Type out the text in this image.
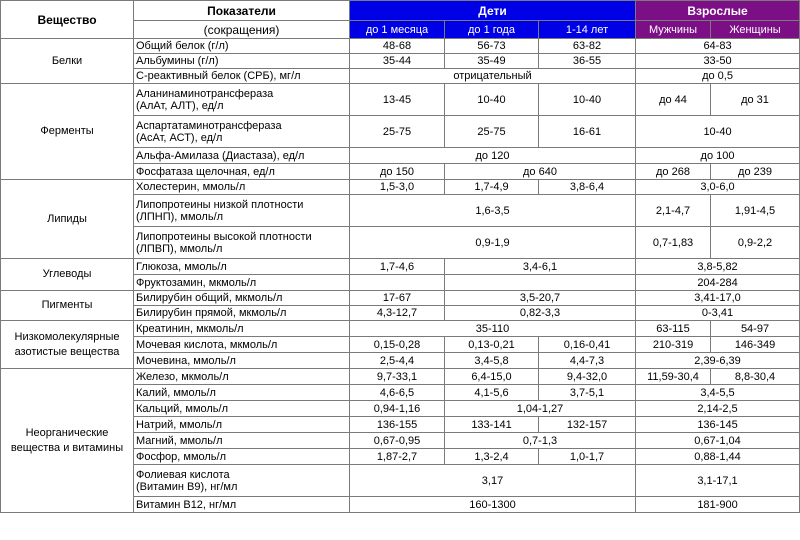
Вещество	Показатели	Дети			Взрослые	
	(сокращения)	до 1 месяца	до 1 года	1-14 лет	Мужчины	Женщины
Белки	Общий белок (г/л)	48-68	56-73	63-82	64-83	
	Альбумины (г/л)	35-44	35-49	36-55	33-50	
	С-реактивный белок (СРБ), мг/л	отрицательный			до 0,5	
Ферменты	Аланинаминотрансфераза
(АлАт, АЛТ), ед/л	13-45	10-40	10-40	до 44	до 31
	Аспартатаминотрансфераза
(АсАт, АСТ), ед/л	25-75	25-75	16-61	10-40	
	Альфа-Амилаза (Диастаза), ед/л	до 120			до 100	
	Фосфатаза щелочная, ед/л	до 150	до 640		до 268	до 239
Липиды	Холестерин, ммоль/л	1,5-3,0	1,7-4,9	3,8-6,4	3,0-6,0	
	Липопротеины низкой плотности
(ЛПНП), ммоль/л	1,6-3,5			2,1-4,7	1,91-4,5
	Липопротеины высокой плотности
(ЛПВП), ммоль/л	0,9-1,9			0,7-1,83	0,9-2,2
Углеводы	Глюкоза, ммоль/л	1,7-4,6	3,4-6,1		3,8-5,82	
	Фруктозамин, мкмоль/л				204-284	
Пигменты	Билирубин общий, мкмоль/л	17-67	3,5-20,7		3,41-17,0	
	Билирубин прямой, мкмоль/л	4,3-12,7	0,82-3,3		0-3,41	
Низкомолекулярные азотистые вещества	Креатинин, мкмоль/л	35-110			63-115	54-97
	Мочевая кислота, мкмоль/л	0,15-0,28	0,13-0,21	0,16-0,41	210-319	146-349
	Мочевина, ммоль/л	2,5-4,4	3,4-5,8	4,4-7,3	2,39-6,39	
Неорганические вещества и витамины	Железо, мкмоль/л	9,7-33,1	6,4-15,0	9,4-32,0	11,59-30,4	8,8-30,4
	Калий, ммоль/л	4,6-6,5	4,1-5,6	3,7-5,1	3,4-5,5	
	Кальций, ммоль/л	0,94-1,16	1,04-1,27		2,14-2,5	
	Натрий, ммоль/л	136-155	133-141	132-157	136-145	
	Магний, ммоль/л	0,67-0,95	0,7-1,3		0,67-1,04	
	Фосфор, ммоль/л	1,87-2,7	1,3-2,4	1,0-1,7	0,88-1,44	
	Фолиевая кислота
(Витамин В9), нг/мл	3,17			3,1-17,1	
	Витамин В12, нг/мл	160-1300			181-900	
